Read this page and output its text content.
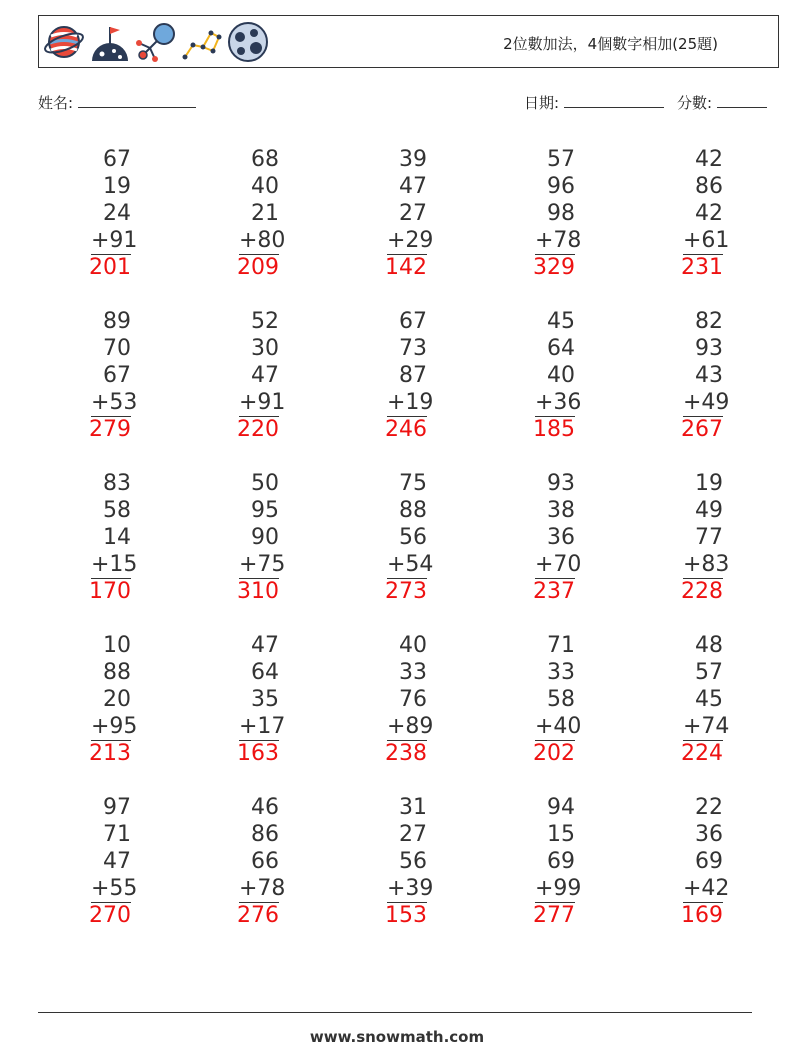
2位數加法，4個數字相加(25題)
姓名:	日期:	分數:
67
19
24
+91
201
68
40
21
+80
209
39
47
27
+29
142
57
96
98
+78
329
42
86
42
+61
231
89
70
67
+53
279
52
30
47
+91
220
67
73
87
+19
246
45
64
40
+36
185
82
93
43
+49
267
83
58
14
+15
170
50
95
90
+75
310
75
88
56
+54
273
93
38
36
+70
237
19
49
77
+83
228
10
88
20
+95
213
47
64
35
+17
163
40
33
76
+89
238
71
33
58
+40
202
48
57
45
+74
224
97
71
47
+55
270
46
86
66
+78
276
31
27
56
+39
153
94
15
69
+99
277
22
36
69
+42
169
www.snowmath.com
